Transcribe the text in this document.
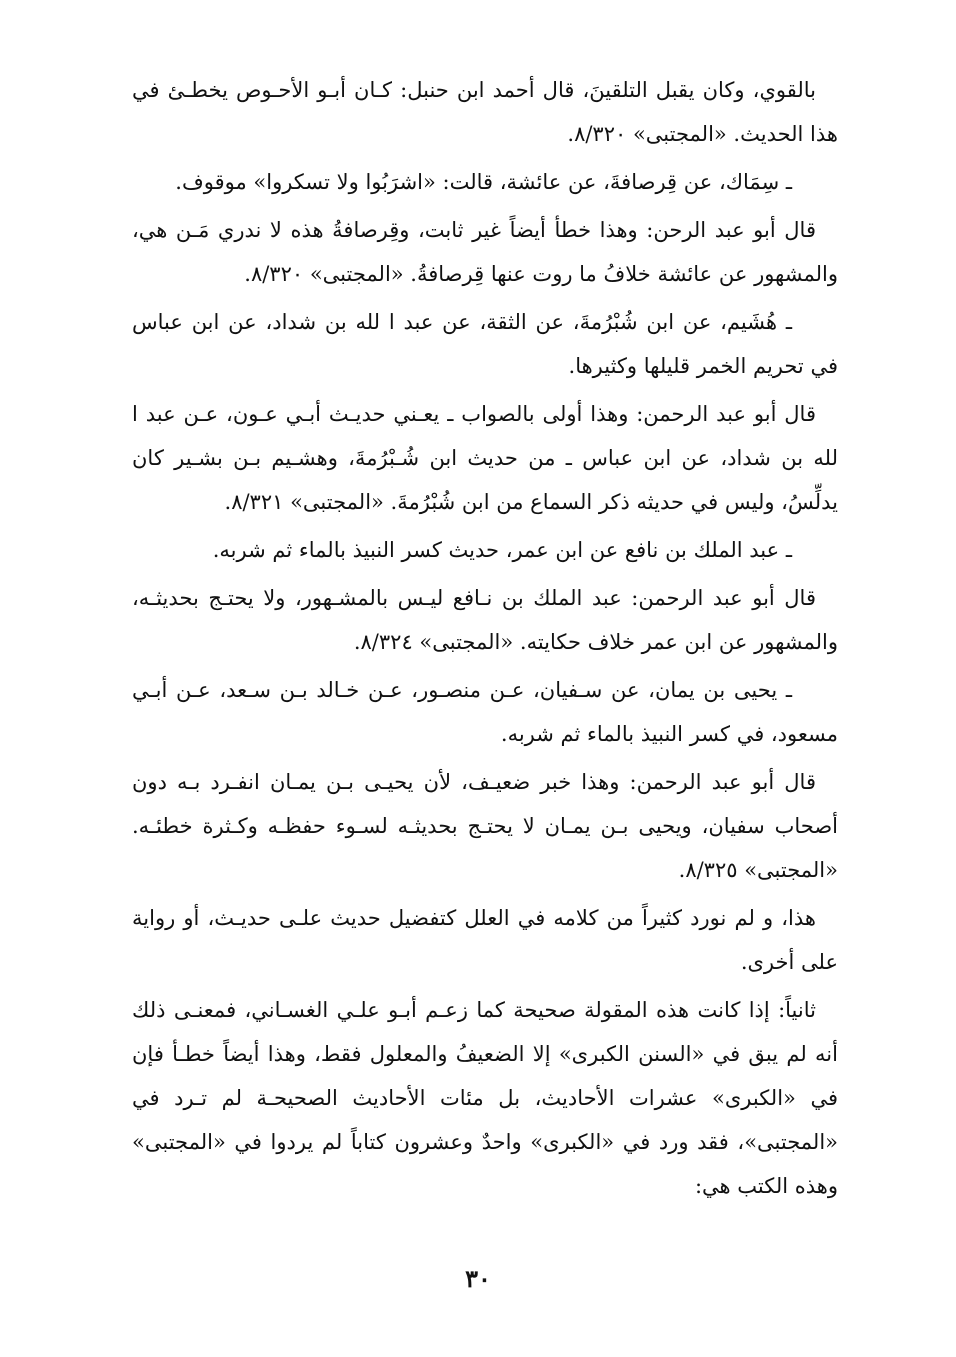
بالقوي، وكان يقبل التلقينَ، قال أحمد ابن حنبل: كـان أبـو الأحـوص يخطـئ في هذا الحديث. «المجتبى» ٨/٣٢٠.

ـ سِمَاك، عن قِرصافةَ، عن عائشة، قالت: «اشرَبُوا ولا تسكروا» موقوف.

قال أبو عبد الرحن: وهذا خطأ أيضاً غير ثابت، وقِرصافةُ هذه لا ندري مَـن هي، والمشهور عن عائشة خلافُ ما روت عنها قِرصافةُ. «المجتبى» ٨/٣٢٠.

ـ هُشَيم، عن ابن شُبْرُمةَ، عن الثقة، عن عبد ا لله بن شداد، عن ابن عباس في تحريم الخمر قليلها وكثيرها.

قال أبو عبد الرحمن: وهذا أولى بالصواب ـ يعـني حديـث أبـي عـون، عـن عبد ا لله بن شداد، عن ابن عباس ـ من حديث ابن شُـبْرُمةَ، وهشـيم بـن بشـير كان يدلِّسُ، وليس في حديثه ذكر السماع من ابن شُبْرُمةَ. «المجتبى» ٨/٣٢١.

ـ عبد الملك بن نافع عن ابن عمر، حديث كسر النبيذ بالماء ثم شربه.

قال أبو عبد الرحمن: عبد الملك بن نـافع ليـس بالمشـهور، ولا يحتـج بحديثـه، والمشهور عن ابن عمر خلاف حكايته. «المجتبى» ٨/٣٢٤.

ـ يحيى بن يمان، عن سـفيان، عـن منصـور، عـن خـالد بـن سـعد، عـن أبـي مسعود، في كسر النبيذ بالماء ثم شربه.

قال أبو عبد الرحمن: وهذا خبر ضعيـف، لأن يحيـى بـن يمـان انفـرد بـه دون أصحاب سفيان، ويحيى بـن يمـان لا يحتـج بحديثـه لسـوء حفظـه وكـثرة خطئـه. «المجتبى» ٨/٣٢٥.

هذا، و لم نورد كثيراً من كلامه في العلل كتفضيل حديث علـى حديـث، أو رواية على أخرى.

ثانياً: إذا كانت هذه المقولة صحيحة كما زعـم أبـو علـي الغسـاني، فمعنـى ذلك أنه لم يبق في «السنن الكبرى» إلا الضعيفُ والمعلول فقط، وهذا أيضاً خطـأ فإن في «الكبرى» عشرات الأحاديث، بل مئات الأحاديث الصحيحـة لم تـرد في «المجتبى»، فقد ورد في «الكبرى» واحدٌ وعشرون كتاباً لم يردوا في «المجتبى» وهذه الكتب هي:

٣٠
